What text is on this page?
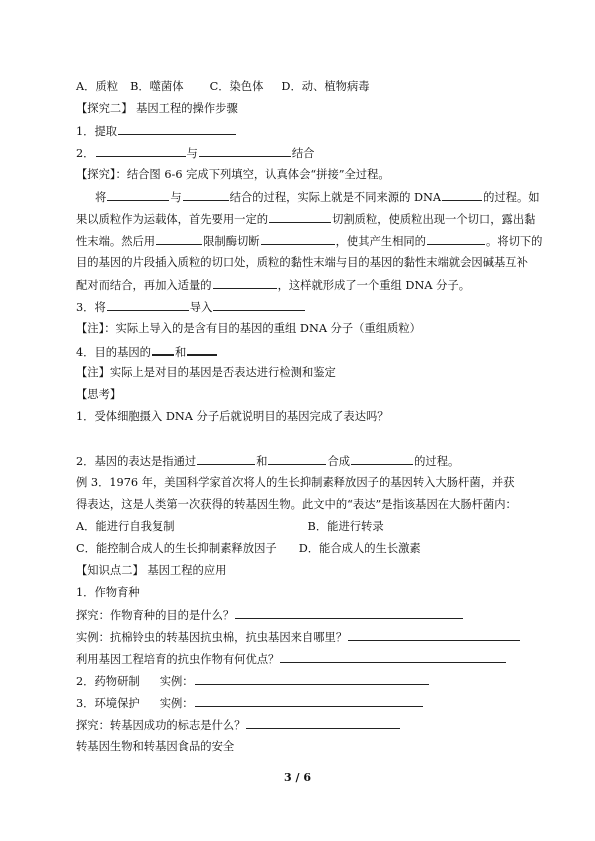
A．质粒 B．噬菌体 C．染色体 D．动、植物病毒
【探究二】 基因工程的操作步骤
1．提取
2．	与	结合
【探究】：结合图 6-6 完成下列填空，认真体会“拼接”全过程。
将	与	结合的过程，实际上就是不同来源的 DNA	的过程。如
果以质粒作为运载体，首先要用一定的	切割质粒，使质粒出现一个切口，露出黏
性末端。然后用	限制酶切断	，使其产生相同的	。将切下的
目的基因的片段插入质粒的切口处，质粒的黏性末端与目的基因的黏性末端就会因碱基互补
配对而结合，再加入适量的	，这样就形成了一个重组 DNA 分子。
3．将	导入
【注】：实际上导入的是含有目的基因的重组 DNA 分子（重组质粒）
4．目的基因的 和
【注】实际上是对目的基因是否表达进行检测和鉴定
【思考】
1．受体细胞摄入 DNA 分子后就说明目的基因完成了表达吗？
2．基因的表达是指通过	和	合成	的过程。
例 3．1976 年，美国科学家首次将人的生长抑制素释放因子的基因转入大肠杆菌，并获
得表达，这是人类第一次获得的转基因生物。此文中的“表达”是指该基因在大肠杆菌内：
A．能进行自我复制	B．能进行转录
C．能控制合成人的生长抑制素释放因子 D．能合成人的生长激素
【知识点二】 基因工程的应用
1．作物育种
探究：作物育种的目的是什么？
实例：抗棉铃虫的转基因抗虫棉，抗虫基因来自哪里？
利用基因工程培育的抗虫作物有何优点？
2．药物研制 实例：
3．环境保护 实例：
探究：转基因成功的标志是什么？
转基因生物和转基因食品的安全
3 / 6
